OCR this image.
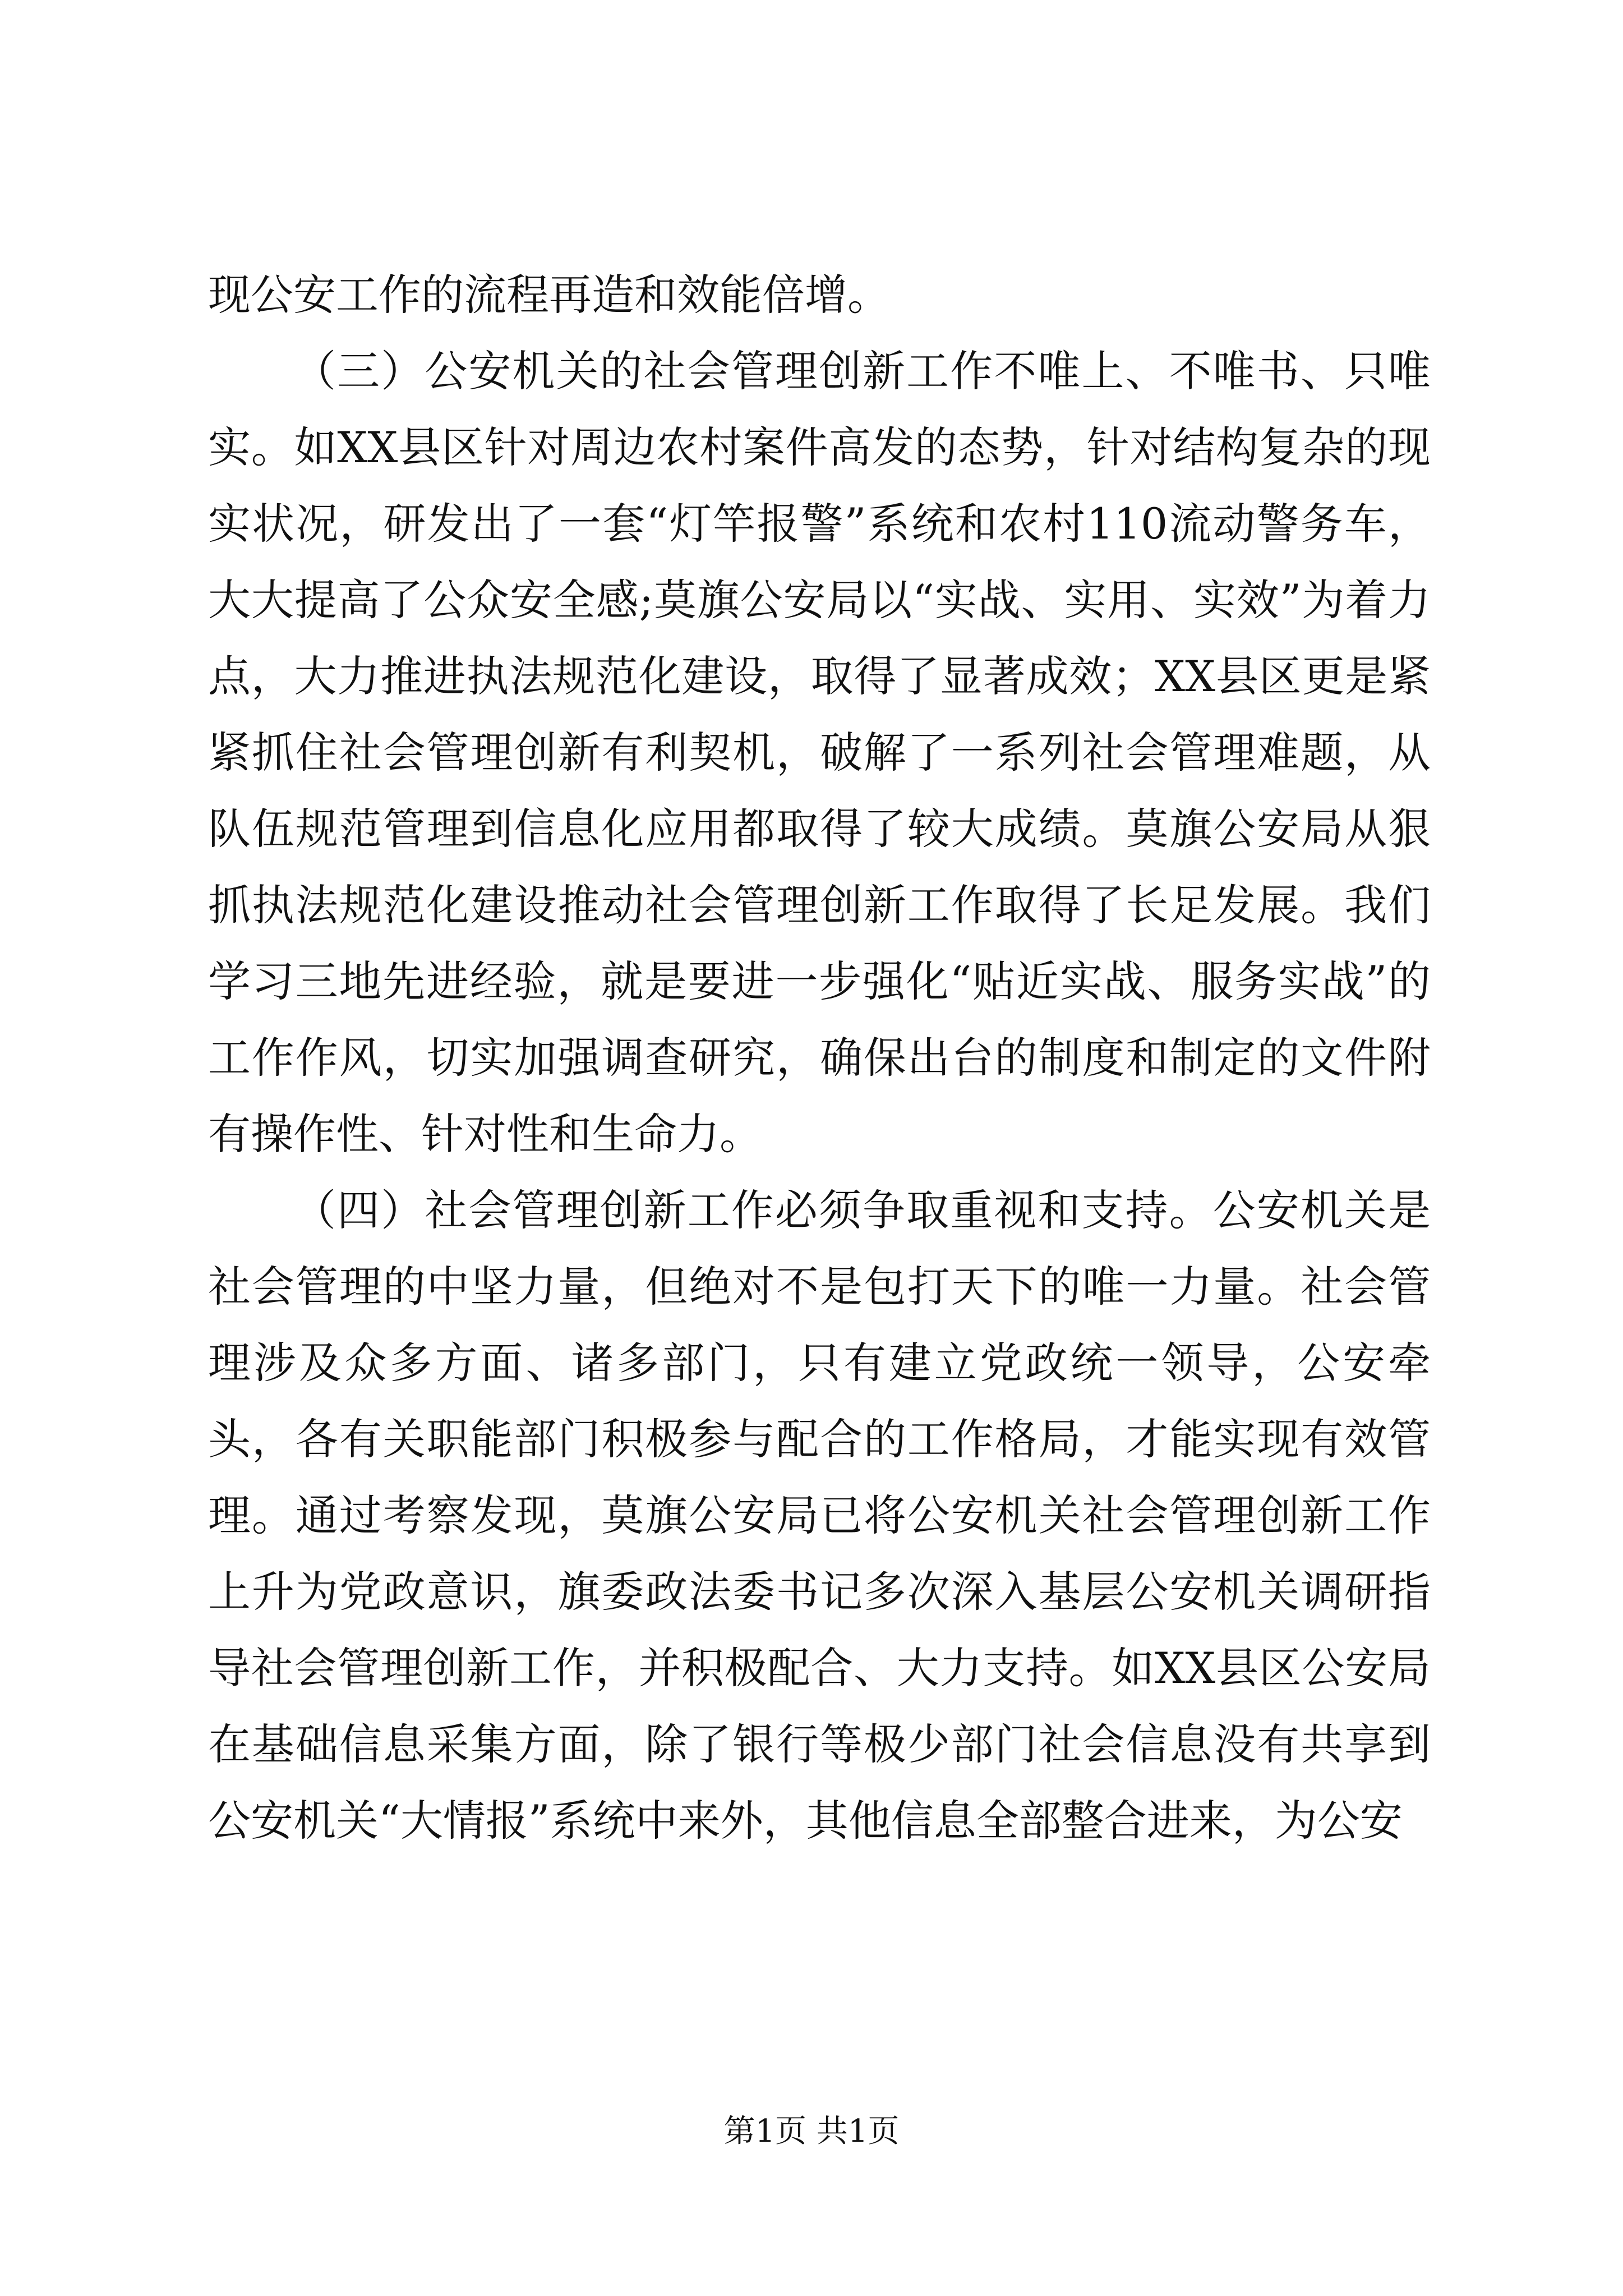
现公安工作的流程再造和效能倍增。

（三）公安机关的社会管理创新工作不唯上、不唯书、只唯实。如XX县区针对周边农村案件高发的态势，针对结构复杂的现实状况，研发出了一套“灯竿报警”系统和农村110流动警务车，大大提高了公众安全感;莫旗公安局以“实战、实用、实效”为着力点，大力推进执法规范化建设，取得了显著成效；XX县区更是紧紧抓住社会管理创新有利契机，破解了一系列社会管理难题，从队伍规范管理到信息化应用都取得了较大成绩。莫旗公安局从狠抓执法规范化建设推动社会管理创新工作取得了长足发展。我们学习三地先进经验，就是要进一步强化“贴近实战、服务实战”的工作作风，切实加强调查研究，确保出台的制度和制定的文件附有操作性、针对性和生命力。

（四）社会管理创新工作必须争取重视和支持。公安机关是社会管理的中坚力量，但绝对不是包打天下的唯一力量。社会管理涉及众多方面、诸多部门，只有建立党政统一领导，公安牵头，各有关职能部门积极参与配合的工作格局，才能实现有效管理。通过考察发现，莫旗公安局已将公安机关社会管理创新工作上升为党政意识，旗委政法委书记多次深入基层公安机关调研指导社会管理创新工作，并积极配合、大力支持。如XX县区公安局在基础信息采集方面，除了银行等极少部门社会信息没有共享到公安机关“大情报”系统中来外，其他信息全部整合进来，为公安

第1页 共1页
